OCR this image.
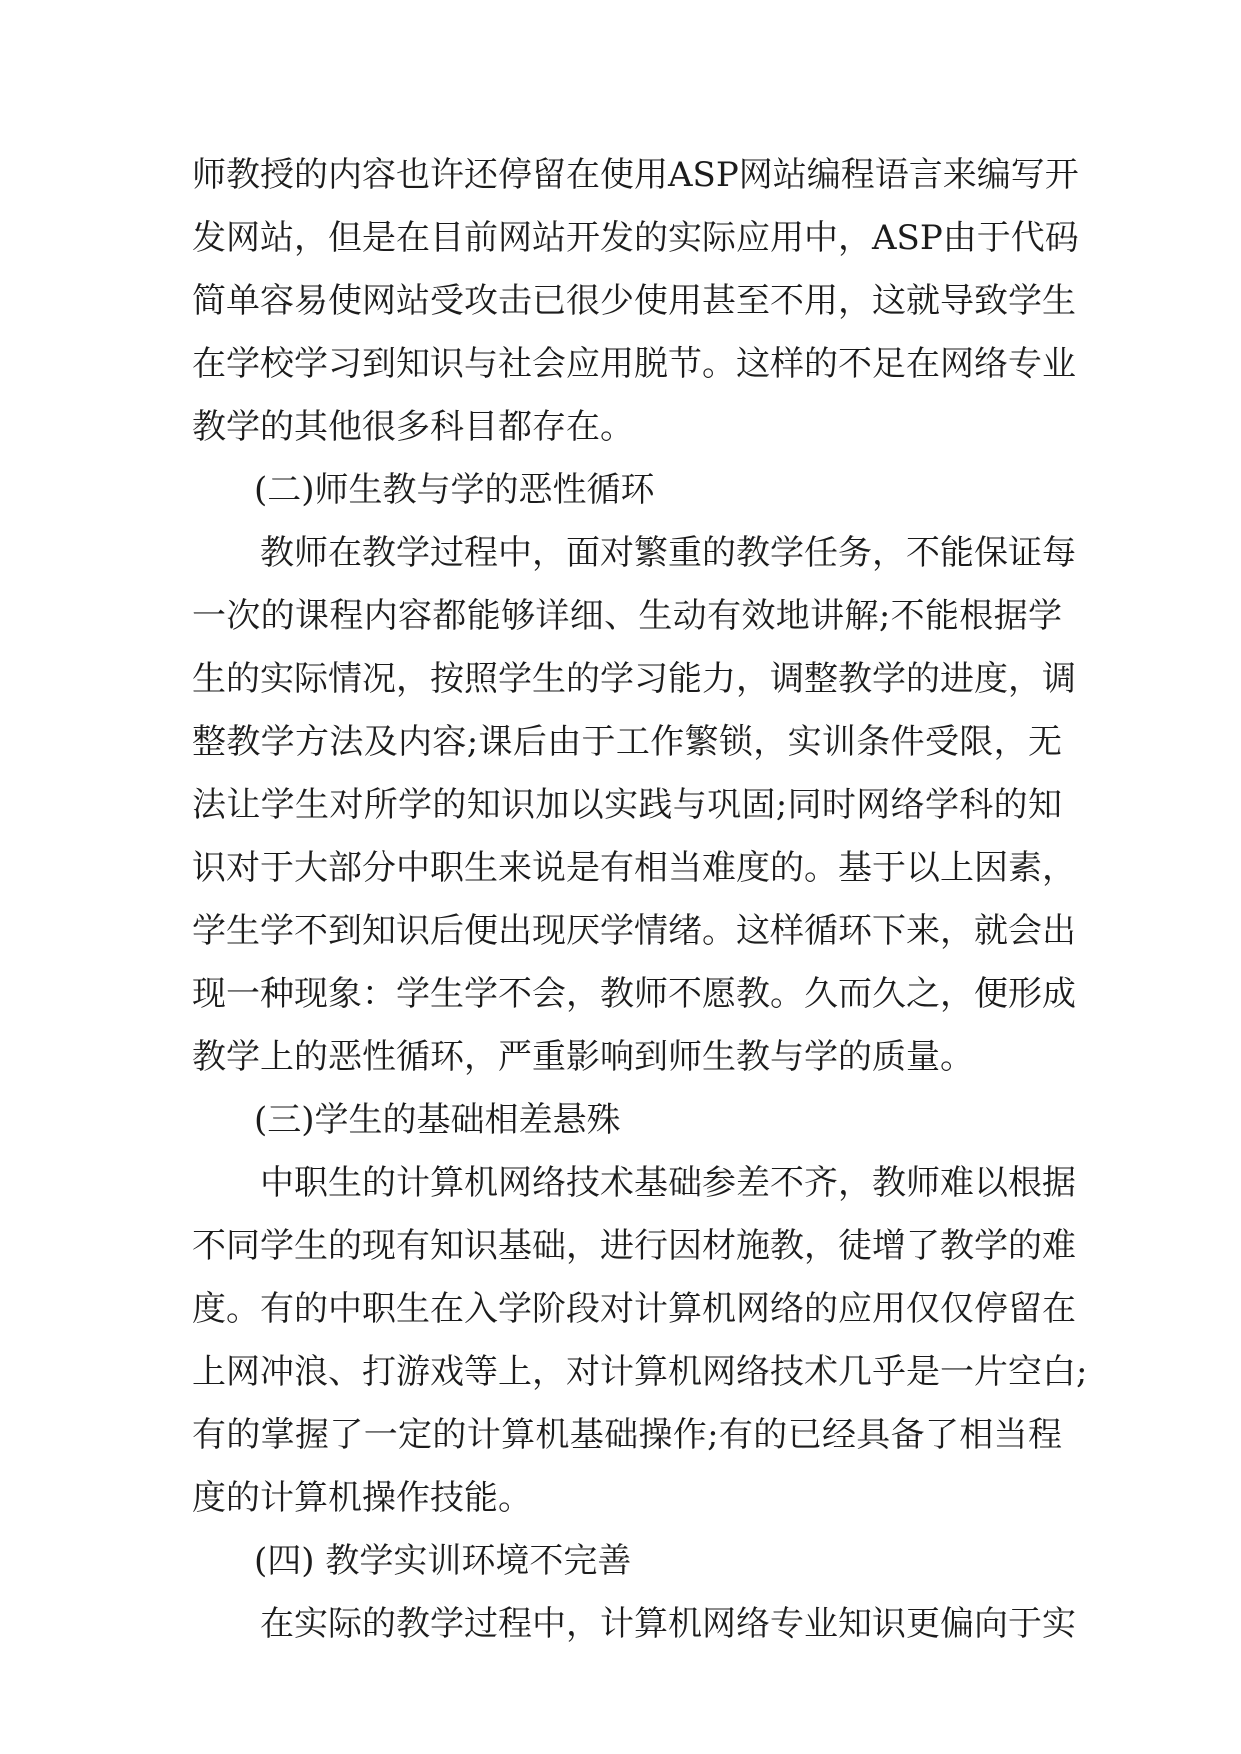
师教授的内容也许还停留在使用ASP网站编程语言来编写开
发网站，但是在目前网站开发的实际应用中，ASP由于代码
简单容易使网站受攻击已很少使用甚至不用，这就导致学生
在学校学习到知识与社会应用脱节。这样的不足在网络专业
教学的其他很多科目都存在。
(二)师生教与学的恶性循环
教师在教学过程中，面对繁重的教学任务，不能保证每
一次的课程内容都能够详细、生动有效地讲解;不能根据学
生的实际情况，按照学生的学习能力，调整教学的进度，调
整教学方法及内容;课后由于工作繁锁，实训条件受限，无
法让学生对所学的知识加以实践与巩固;同时网络学科的知
识对于大部分中职生来说是有相当难度的。基于以上因素，
学生学不到知识后便出现厌学情绪。这样循环下来，就会出
现一种现象：学生学不会，教师不愿教。久而久之，便形成
教学上的恶性循环，严重影响到师生教与学的质量。
(三)学生的基础相差悬殊
中职生的计算机网络技术基础参差不齐，教师难以根据
不同学生的现有知识基础，进行因材施教，徒增了教学的难
度。有的中职生在入学阶段对计算机网络的应用仅仅停留在
上网冲浪、打游戏等上，对计算机网络技术几乎是一片空白;
有的掌握了一定的计算机基础操作;有的已经具备了相当程
度的计算机操作技能。
(四) 教学实训环境不完善
在实际的教学过程中，计算机网络专业知识更偏向于实
